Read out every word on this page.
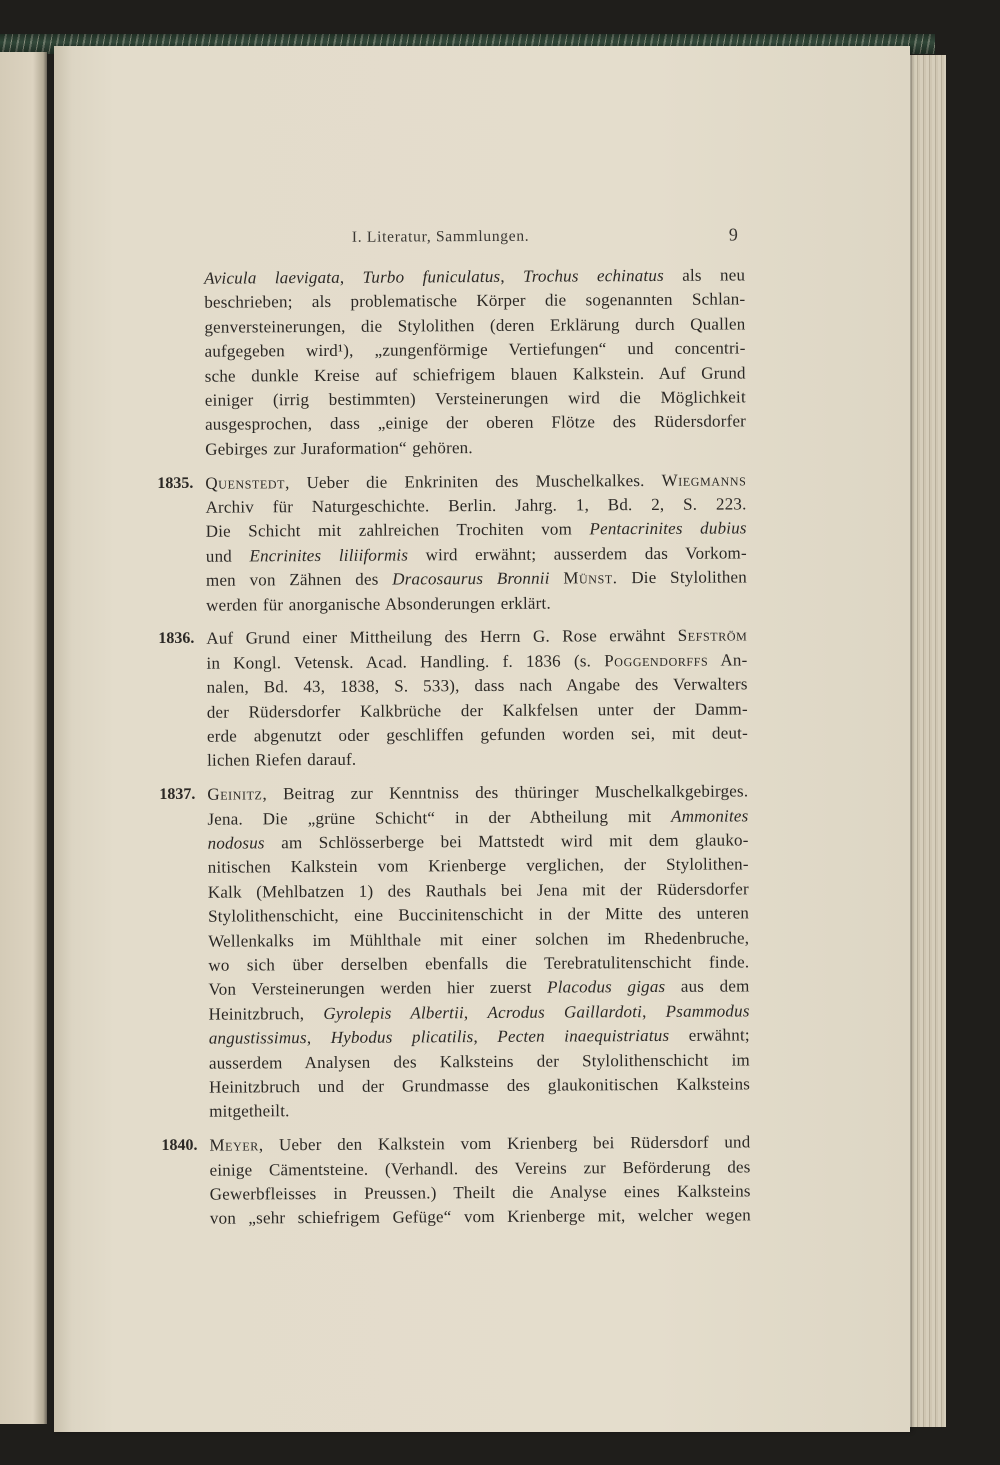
I. Literatur, Sammlungen.	9
Avicula laevigata, Turbo funiculatus, Trochus echinatus als neu
beschrieben; als problematische Körper die sogenannten Schlan-
genversteinerungen, die Stylolithen (deren Erklärung durch Quallen
aufgegeben wird¹), „zungenförmige Vertiefungen“ und concentri-
sche dunkle Kreise auf schiefrigem blauen Kalkstein. Auf Grund
einiger (irrig bestimmten) Versteinerungen wird die Möglichkeit
ausgesprochen, dass „einige der oberen Flötze des Rüdersdorfer
Gebirges zur Juraformation“ gehören.
1835. Quenstedt, Ueber die Enkriniten des Muschelkalkes. Wiegmanns
Archiv für Naturgeschichte. Berlin. Jahrg. 1, Bd. 2, S. 223.
Die Schicht mit zahlreichen Trochiten vom Pentacrinites dubius
und Encrinites liliiformis wird erwähnt; ausserdem das Vorkom-
men von Zähnen des Dracosaurus Bronnii Münst. Die Stylolithen
werden für anorganische Absonderungen erklärt.
1836. Auf Grund einer Mittheilung des Herrn G. Rose erwähnt Sefström
in Kongl. Vetensk. Acad. Handling. f. 1836 (s. Poggendorffs An-
nalen, Bd. 43, 1838, S. 533), dass nach Angabe des Verwalters
der Rüdersdorfer Kalkbrüche der Kalkfelsen unter der Damm-
erde abgenutzt oder geschliffen gefunden worden sei, mit deut-
lichen Riefen darauf.
1837. Geinitz, Beitrag zur Kenntniss des thüringer Muschelkalkgebirges.
Jena. Die „grüne Schicht“ in der Abtheilung mit Ammonites
nodosus am Schlösserberge bei Mattstedt wird mit dem glauko-
nitischen Kalkstein vom Krienberge verglichen, der Stylolithen-
Kalk (Mehlbatzen 1) des Rauthals bei Jena mit der Rüdersdorfer
Stylolithenschicht, eine Buccinitenschicht in der Mitte des unteren
Wellenkalks im Mühlthale mit einer solchen im Rhedenbruche,
wo sich über derselben ebenfalls die Terebratulitenschicht finde.
Von Versteinerungen werden hier zuerst Placodus gigas aus dem
Heinitzbruch, Gyrolepis Albertii, Acrodus Gaillardoti, Psammodus
angustissimus, Hybodus plicatilis, Pecten inaequistriatus erwähnt;
ausserdem Analysen des Kalksteins der Stylolithenschicht im
Heinitzbruch und der Grundmasse des glaukonitischen Kalksteins
mitgetheilt.
1840. Meyer, Ueber den Kalkstein vom Krienberg bei Rüdersdorf und
einige Cämentsteine. (Verhandl. des Vereins zur Beförderung des
Gewerbfleisses in Preussen.) Theilt die Analyse eines Kalksteins
von „sehr schiefrigem Gefüge“ vom Krienberge mit, welcher wegen
